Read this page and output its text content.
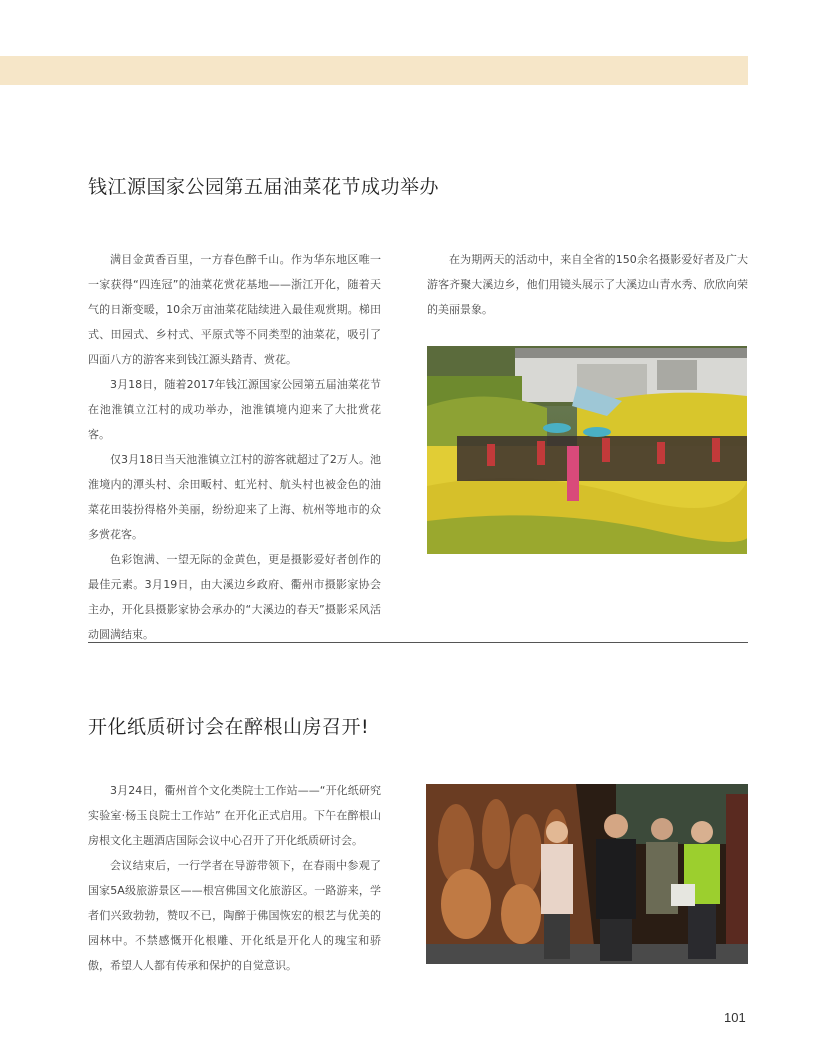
钱江源国家公园第五届油菜花节成功举办

满目金黄香百里，一方春色醉千山。作为华东地区唯一一家获得“四连冠”的油菜花赏花基地——浙江开化，随着天气的日渐变暖，10余万亩油菜花陆续进入最佳观赏期。梯田式、田园式、乡村式、平原式等不同类型的油菜花，吸引了四面八方的游客来到钱江源头踏青、赏花。

3月18日，随着2017年钱江源国家公园第五届油菜花节在池淮镇立江村的成功举办，池淮镇境内迎来了大批赏花客。

仅3月18日当天池淮镇立江村的游客就超过了2万人。池淮境内的潭头村、余田畈村、虹光村、航头村也被金色的油菜花田装扮得格外美丽，纷纷迎来了上海、杭州等地市的众多赏花客。

色彩饱满、一望无际的金黄色，更是摄影爱好者创作的最佳元素。3月19日，由大溪边乡政府、衢州市摄影家协会主办，开化县摄影家协会承办的“大溪边的春天”摄影采风活动圆满结束。

在为期两天的活动中，来自全省的150余名摄影爱好者及广大游客齐聚大溪边乡，他们用镜头展示了大溪边山青水秀、欣欣向荣的美丽景象。

开化纸质研讨会在醉根山房召开!

3月24日，衢州首个文化类院士工作站——“开化纸研究实验室·杨玉良院士工作站” 在开化正式启用。下午在醉根山房根文化主题酒店国际会议中心召开了开化纸质研讨会。

会议结束后，一行学者在导游带领下，在春雨中参观了国家5A级旅游景区——根宫佛国文化旅游区。一路游来，学者们兴致勃勃，赞叹不已，陶醉于佛国恢宏的根艺与优美的园林中。不禁感慨开化根雕、开化纸是开化人的瑰宝和骄傲，希望人人都有传承和保护的自觉意识。

101
